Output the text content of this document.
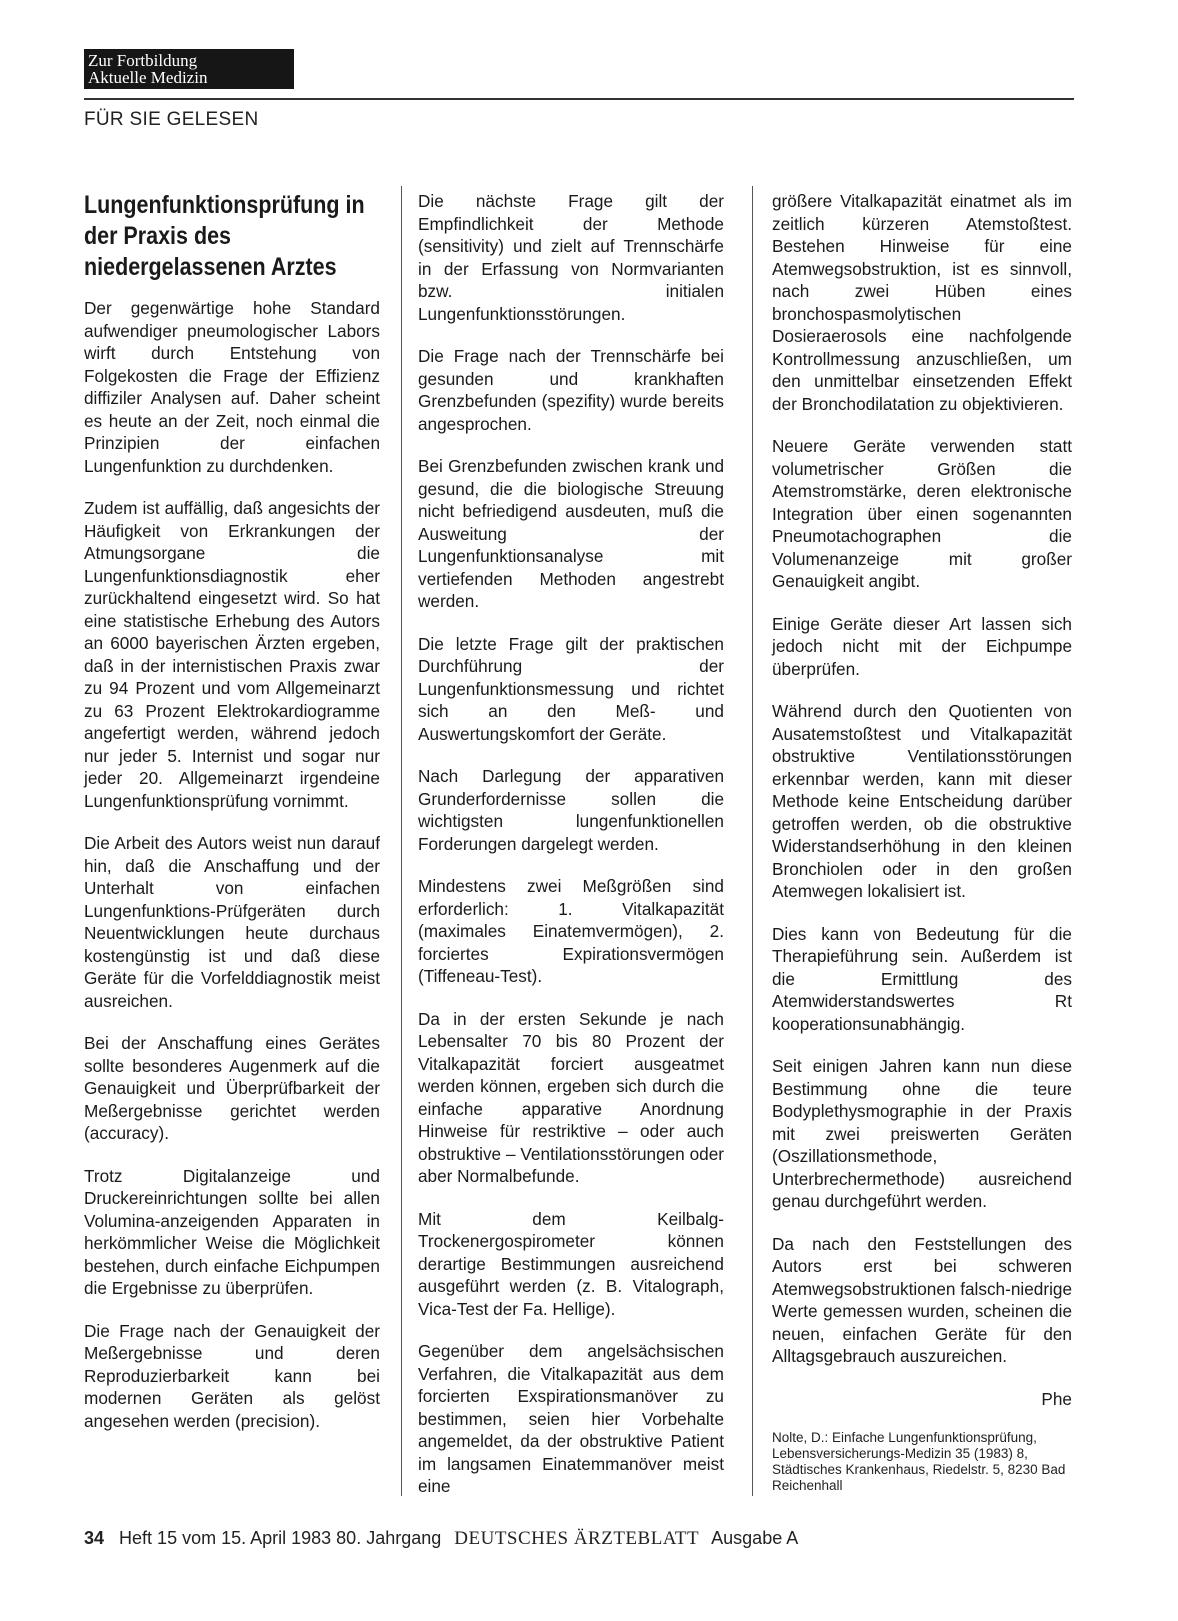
Zur Fortbildung
Aktuelle Medizin
FÜR SIE GELESEN
Lungenfunktionsprüfung in der Praxis des niedergelassenen Arztes

Der gegenwärtige hohe Standard aufwendiger pneumologischer Labors wirft durch Entstehung von Folgekosten die Frage der Effizienz diffiziler Analysen auf. Daher scheint es heute an der Zeit, noch einmal die Prinzipien der einfachen Lungenfunktion zu durchdenken.

Zudem ist auffällig, daß angesichts der Häufigkeit von Erkrankungen der Atmungsorgane die Lungenfunktionsdiagnostik eher zurückhaltend eingesetzt wird. So hat eine statistische Erhebung des Autors an 6000 bayerischen Ärzten ergeben, daß in der internistischen Praxis zwar zu 94 Prozent und vom Allgemeinarzt zu 63 Prozent Elektrokardiogramme angefertigt werden, während jedoch nur jeder 5. Internist und sogar nur jeder 20. Allgemeinarzt irgendeine Lungenfunktionsprüfung vornimmt.

Die Arbeit des Autors weist nun darauf hin, daß die Anschaffung und der Unterhalt von einfachen Lungenfunktions-Prüfgeräten durch Neuentwicklungen heute durchaus kostengünstig ist und daß diese Geräte für die Vorfelddiagnostik meist ausreichen.

Bei der Anschaffung eines Gerätes sollte besonderes Augenmerk auf die Genauigkeit und Überprüfbarkeit der Meßergebnisse gerichtet werden (accuracy).

Trotz Digitalanzeige und Druckereinrichtungen sollte bei allen Volumina-anzeigenden Apparaten in herkömmlicher Weise die Möglichkeit bestehen, durch einfache Eichpumpen die Ergebnisse zu überprüfen.

Die Frage nach der Genauigkeit der Meßergebnisse und deren Reproduzierbarkeit kann bei modernen Geräten als gelöst angesehen werden (precision).

Die nächste Frage gilt der Empfindlichkeit der Methode (sensitivity) und zielt auf Trennschärfe in der Erfassung von Normvarianten bzw. initialen Lungenfunktionsstörungen.

Die Frage nach der Trennschärfe bei gesunden und krankhaften Grenzbefunden (spezifity) wurde bereits angesprochen.

Bei Grenzbefunden zwischen krank und gesund, die die biologische Streuung nicht befriedigend ausdeuten, muß die Ausweitung der Lungenfunktionsanalyse mit vertiefenden Methoden angestrebt werden.

Die letzte Frage gilt der praktischen Durchführung der Lungenfunktionsmessung und richtet sich an den Meß- und Auswertungskomfort der Geräte.

Nach Darlegung der apparativen Grunderfordernisse sollen die wichtigsten lungenfunktionellen Forderungen dargelegt werden.

Mindestens zwei Meßgrößen sind erforderlich: 1. Vitalkapazität (maximales Einatemvermögen), 2. forciertes Expirationsvermögen (Tiffeneau-Test).

Da in der ersten Sekunde je nach Lebensalter 70 bis 80 Prozent der Vitalkapazität forciert ausgeatmet werden können, ergeben sich durch die einfache apparative Anordnung Hinweise für restriktive – oder auch obstruktive – Ventilationsstörungen oder aber Normalbefunde.

Mit dem Keilbalg-Trockenergospirometer können derartige Bestimmungen ausreichend ausgeführt werden (z. B. Vitalograph, Vica-Test der Fa. Hellige).

Gegenüber dem angelsächsischen Verfahren, die Vitalkapazität aus dem forcierten Exspirationsmanöver zu bestimmen, seien hier Vorbehalte angemeldet, da der obstruktive Patient im langsamen Einatemmanöver meist eine

größere Vitalkapazität einatmet als im zeitlich kürzeren Atemstoßtest. Bestehen Hinweise für eine Atemwegsobstruktion, ist es sinnvoll, nach zwei Hüben eines bronchospasmolytischen Dosieraerosols eine nachfolgende Kontrollmessung anzuschließen, um den unmittelbar einsetzenden Effekt der Bronchodilatation zu objektivieren.

Neuere Geräte verwenden statt volumetrischer Größen die Atemstromstärke, deren elektronische Integration über einen sogenannten Pneumotachographen die Volumenanzeige mit großer Genauigkeit angibt.

Einige Geräte dieser Art lassen sich jedoch nicht mit der Eichpumpe überprüfen.

Während durch den Quotienten von Ausatemstoßtest und Vitalkapazität obstruktive Ventilationsstörungen erkennbar werden, kann mit dieser Methode keine Entscheidung darüber getroffen werden, ob die obstruktive Widerstandserhöhung in den kleinen Bronchiolen oder in den großen Atemwegen lokalisiert ist.

Dies kann von Bedeutung für die Therapieführung sein. Außerdem ist die Ermittlung des Atemwiderstandswertes Rt kooperationsunabhängig.

Seit einigen Jahren kann nun diese Bestimmung ohne die teure Bodyplethysmographie in der Praxis mit zwei preiswerten Geräten (Oszillationsmethode, Unterbrechermethode) ausreichend genau durchgeführt werden.

Da nach den Feststellungen des Autors erst bei schweren Atemwegsobstruktionen falsch-niedrige Werte gemessen wurden, scheinen die neuen, einfachen Geräte für den Alltagsgebrauch auszureichen.

Phe

Nolte, D.: Einfache Lungenfunktionsprüfung, Lebensversicherungs-Medizin 35 (1983) 8, Städtisches Krankenhaus, Riedelstr. 5, 8230 Bad Reichenhall

34 Heft 15 vom 15. April 1983 80. Jahrgang DEUTSCHES ÄRZTEBLATT Ausgabe A
